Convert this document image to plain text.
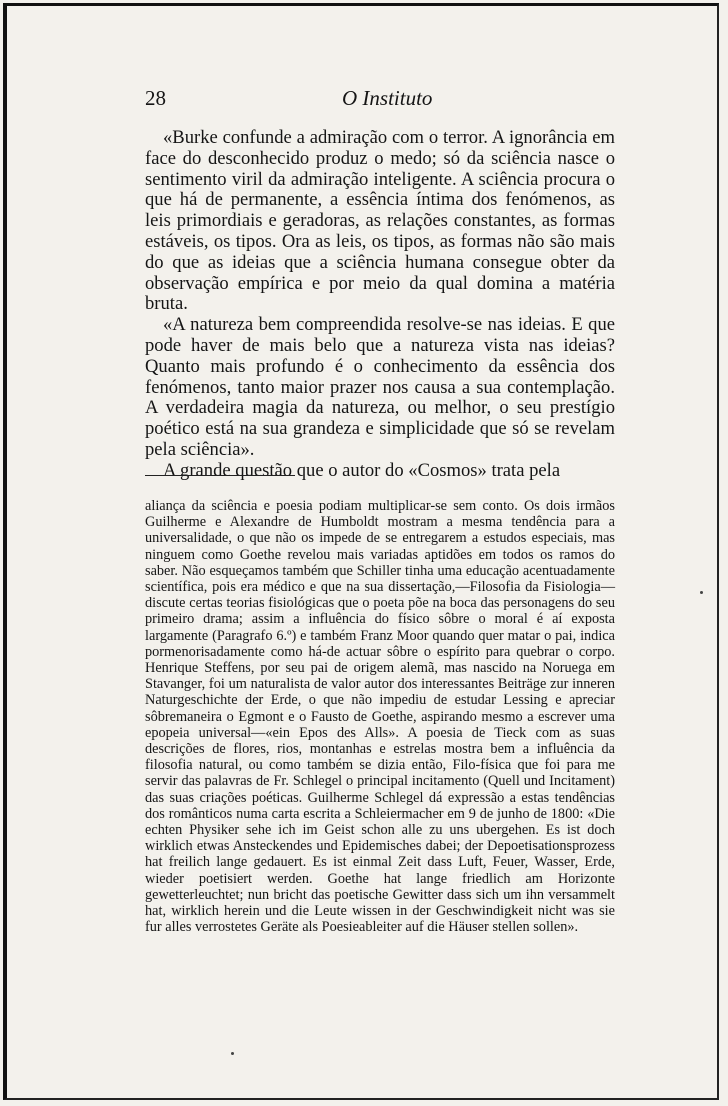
28	O Instituto

«Burke confunde a admiração com o terror. A ignorância em face do desconhecido produz o medo; só da sciência nasce o sentimento viril da admiração inteligente. A sciência procura o que há de permanente, a essência íntima dos fenómenos, as leis primordiais e geradoras, as relações constantes, as formas estáveis, os tipos. Ora as leis, os tipos, as formas não são mais do que as ideias que a sciência humana consegue obter da observação empírica e por meio da qual domina a matéria bruta.

«A natureza bem compreendida resolve-se nas ideias. E que pode haver de mais belo que a natureza vista nas ideias? Quanto mais profundo é o conhecimento da essência dos fenómenos, tanto maior prazer nos causa a sua contemplação. A verdadeira magia da natureza, ou melhor, o seu prestígio poético está na sua grandeza e simplicidade que só se revelam pela sciência».

A grande questão que o autor do «Cosmos» trata pela

aliança da sciência e poesia podiam multiplicar-se sem conto. Os dois irmãos Guilherme e Alexandre de Humboldt mostram a mesma tendência para a universalidade, o que não os impede de se entregarem a estudos especiais, mas ninguem como Goethe revelou mais variadas aptidões em todos os ramos do saber. Não esqueçamos também que Schiller tinha uma educação acentuadamente scientífica, pois era médico e que na sua dissertação,—Filosofia da Fisiologia—discute certas teorias fisiológicas que o poeta põe na boca das personagens do seu primeiro drama; assim a influência do físico sôbre o moral é aí exposta largamente (Paragrafo 6.º) e também Franz Moor quando quer matar o pai, indica pormenorisadamente como há-de actuar sôbre o espírito para quebrar o corpo. Henrique Steffens, por seu pai de origem alemã, mas nascido na Noruega em Stavanger, foi um naturalista de valor autor dos interessantes Beiträge zur inneren Naturgeschichte der Erde, o que não impediu de estudar Lessing e apreciar sôbremaneira o Egmont e o Fausto de Goethe, aspirando mesmo a escrever uma epopeia universal—«ein Epos des Alls». A poesia de Tieck com as suas descrições de flores, rios, montanhas e estrelas mostra bem a influência da filosofia natural, ou como também se dizia então, Filo-física que foi para me servir das palavras de Fr. Schlegel o principal incitamento (Quell und Incitament) das suas criações poéticas. Guilherme Schlegel dá expressão a estas tendências dos românticos numa carta escrita a Schleiermacher em 9 de junho de 1800: «Die echten Physiker sehe ich im Geist schon alle zu uns ubergehen. Es ist doch wirklich etwas Ansteckendes und Epidemisches dabei; der Depoetisationsprozess hat freilich lange gedauert. Es ist einmal Zeit dass Luft, Feuer, Wasser, Erde, wieder poetisiert werden. Goethe hat lange friedlich am Horizonte gewetterleuchtet; nun bricht das poetische Gewitter dass sich um ihn versammelt hat, wirklich herein und die Leute wissen in der Geschwindigkeit nicht was sie fur alles verrostetes Geräte als Poesieableiter auf die Häuser stellen sollen».
